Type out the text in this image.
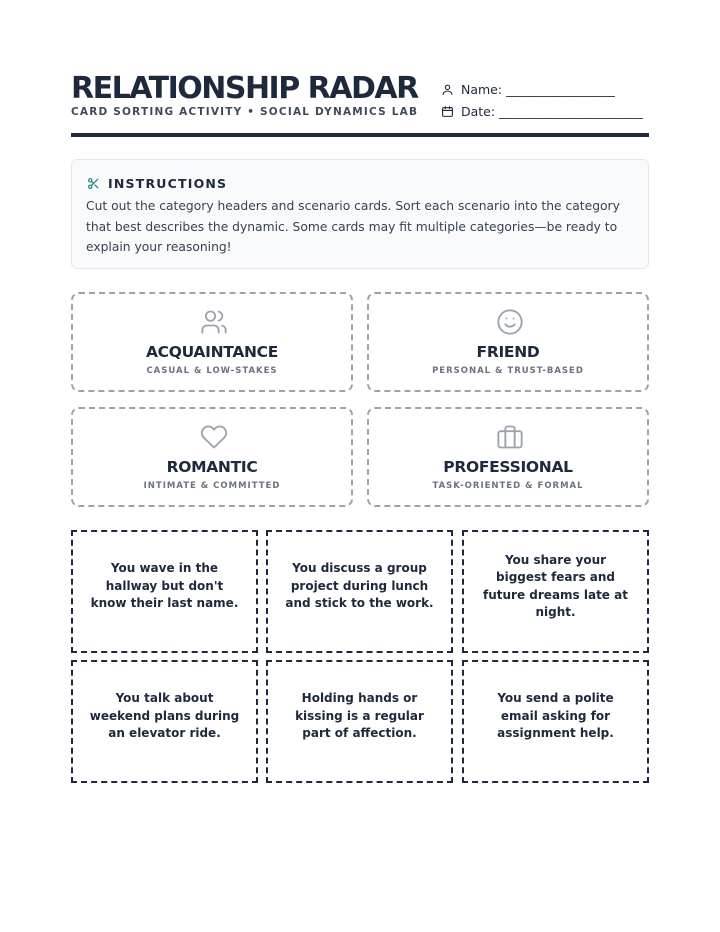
RELATIONSHIP RADAR
CARD SORTING ACTIVITY • SOCIAL DYNAMICS LAB
Name: ___________________
Date: _________________________
INSTRUCTIONS
Cut out the category headers and scenario cards. Sort each scenario into the category that best describes the dynamic. Some cards may fit multiple categories—be ready to explain your reasoning!
ACQUAINTANCE
CASUAL & LOW-STAKES
FRIEND
PERSONAL & TRUST-BASED
ROMANTIC
INTIMATE & COMMITTED
PROFESSIONAL
TASK-ORIENTED & FORMAL
You wave in the hallway but don't know their last name.
You discuss a group project during lunch and stick to the work.
You share your biggest fears and future dreams late at night.
You talk about weekend plans during an elevator ride.
Holding hands or kissing is a regular part of affection.
You send a polite email asking for assignment help.
